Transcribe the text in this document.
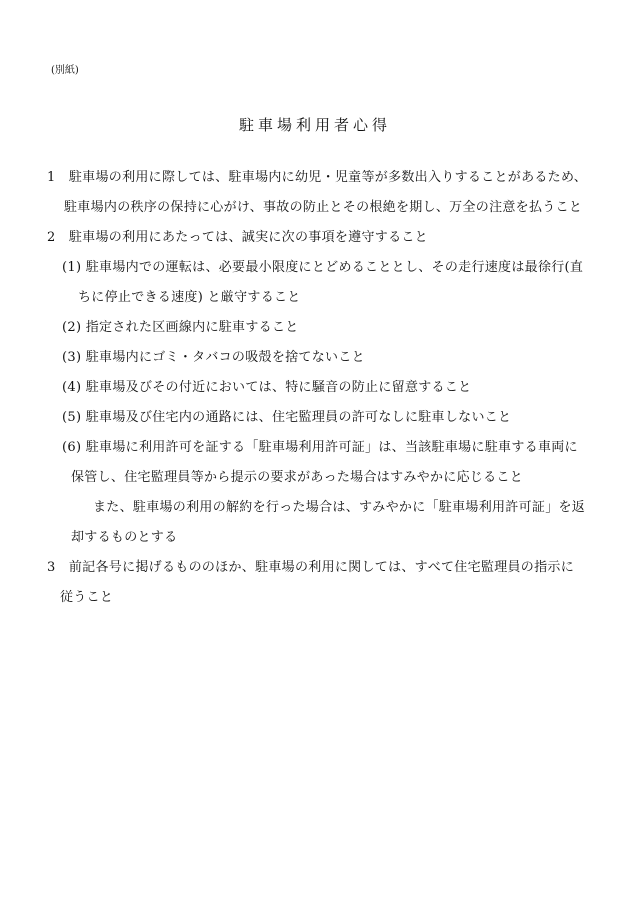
(別紙)
駐車場利用者心得
1　駐車場の利用に際しては、駐車場内に幼児・児童等が多数出入りすることがあるため、
駐車場内の秩序の保持に心がけ、事故の防止とその根絶を期し、万全の注意を払うこと
2　駐車場の利用にあたっては、誠実に次の事項を遵守すること
(1) 駐車場内での運転は、必要最小限度にとどめることとし、その走行速度は最徐行(直
ちに停止できる速度) と厳守すること
(2) 指定された区画線内に駐車すること
(3) 駐車場内にゴミ・タバコの吸殻を捨てないこと
(4) 駐車場及びその付近においては、特に騒音の防止に留意すること
(5) 駐車場及び住宅内の通路には、住宅監理員の許可なしに駐車しないこと
(6) 駐車場に利用許可を証する「駐車場利用許可証」は、当該駐車場に駐車する車両に
保管し、住宅監理員等から提示の要求があった場合はすみやかに応じること
また、駐車場の利用の解約を行った場合は、すみやかに「駐車場利用許可証」を返
却するものとする
3　前記各号に掲げるもののほか、駐車場の利用に関しては、すべて住宅監理員の指示に
従うこと
